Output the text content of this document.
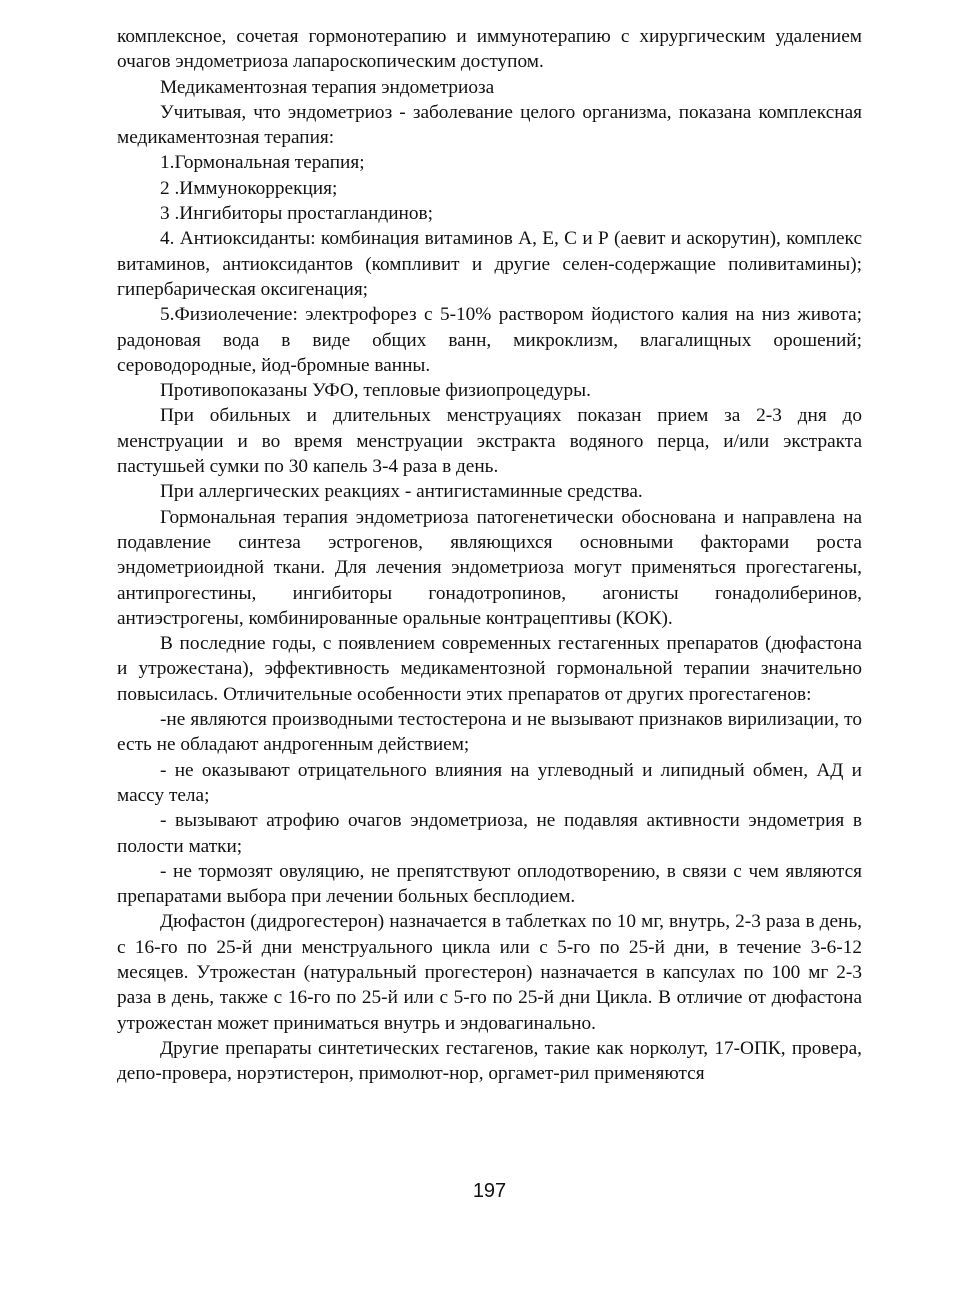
комплексное, сочетая гормонотерапию и иммунотерапию с хирургическим удалением очагов эндометриоза лапароскопическим доступом.

Медикаментозная терапия эндометриоза

Учитывая, что эндометриоз - заболевание целого организма, показана комплексная медикаментозная терапия:

1.Гормональная терапия;

2 .Иммунокоррекция;

3 .Ингибиторы простагландинов;

4. Антиоксиданты: комбинация витаминов А, Е, С и Р (аевит и аскорутин), комплекс витаминов, антиоксидантов (компливит и другие селен-содержащие поливитамины); гипербарическая оксигенация;

5.Физиолечение: электрофорез с 5-10% раствором йодистого калия на низ живота; радоновая вода в виде общих ванн, микроклизм, влагалищных орошений; сероводородные, йод-бромные ванны.

Противопоказаны УФО, тепловые физиопроцедуры.

При обильных и длительных менструациях показан прием за 2-3 дня до менструации и во время менструации экстракта водяного перца, и/или экстракта пастушьей сумки по 30 капель 3-4 раза в день.

При аллергических реакциях - антигистаминные средства.

Гормональная терапия эндометриоза патогенетически обоснована и направлена на подавление синтеза эстрогенов, являющихся основными факторами роста эндометриоидной ткани. Для лечения эндометриоза могут применяться прогестагены, антипрогестины, ингибиторы гонадотропинов, агонисты гонадолиберинов, антиэстрогены, комбинированные оральные контрацептивы (КОК).

В последние годы, с появлением современных гестагенных препаратов (дюфастона и утрожестана), эффективность медикаментозной гормональной терапии значительно повысилась. Отличительные особенности этих препаратов от других прогестагенов:

-не являются производными тестостерона и не вызывают признаков вирилизации, то есть не обладают андрогенным действием;

- не оказывают отрицательного влияния на углеводный и липидный обмен, АД и массу тела;

- вызывают атрофию очагов эндометриоза, не подавляя активности эндометрия в полости матки;

- не тормозят овуляцию, не препятствуют оплодотворению, в связи с чем являются препаратами выбора при лечении больных бесплодием.

Дюфастон (дидрогестерон) назначается в таблетках по 10 мг, внутрь, 2-3 раза в день, с 16-го по 25-й дни менструального цикла или с 5-го по 25-й дни, в течение 3-6-12 месяцев. Утрожестан (натуральный прогестерон) назначается в капсулах по 100 мг 2-3 раза в день, также с 16-го по 25-й или с 5-го по 25-й дни Цикла. В отличие от дюфастона утрожестан может приниматься внутрь и эндовагинально.

Другие препараты синтетических гестагенов, такие как норколут, 17-ОПК, провера, депо-провера, норэтистерон, примолют-нор, оргамет-рил применяются

197
